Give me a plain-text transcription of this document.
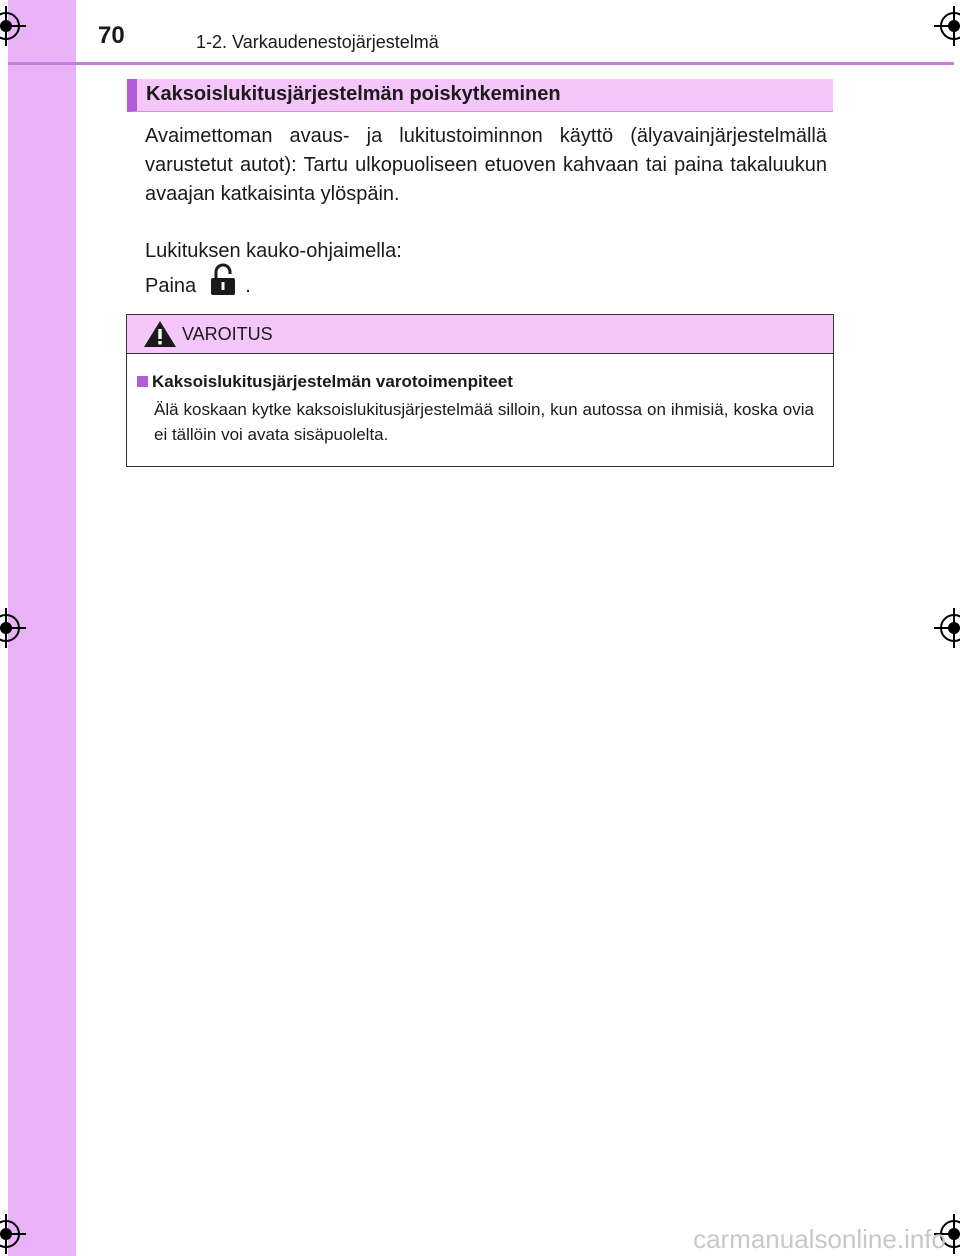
70	1-2. Varkaudenestojärjestelmä
Kaksoislukitusjärjestelmän poiskytkeminen
Avaimettoman avaus- ja lukitustoiminnon käyttö (älyavainjärjestelmällä varustetut autot): Tartu ulkopuoliseen etuoven kahvaan tai paina takaluukun avaajan katkaisinta ylöspäin.
Lukituksen kauko-ohjaimella:
Paina .
VAROITUS
Kaksoislukitusjärjestelmän varotoimenpiteet
Älä koskaan kytke kaksoislukitusjärjestelmää silloin, kun autossa on ihmisiä, koska ovia ei tällöin voi avata sisäpuolelta.
carmanualsonline.info
